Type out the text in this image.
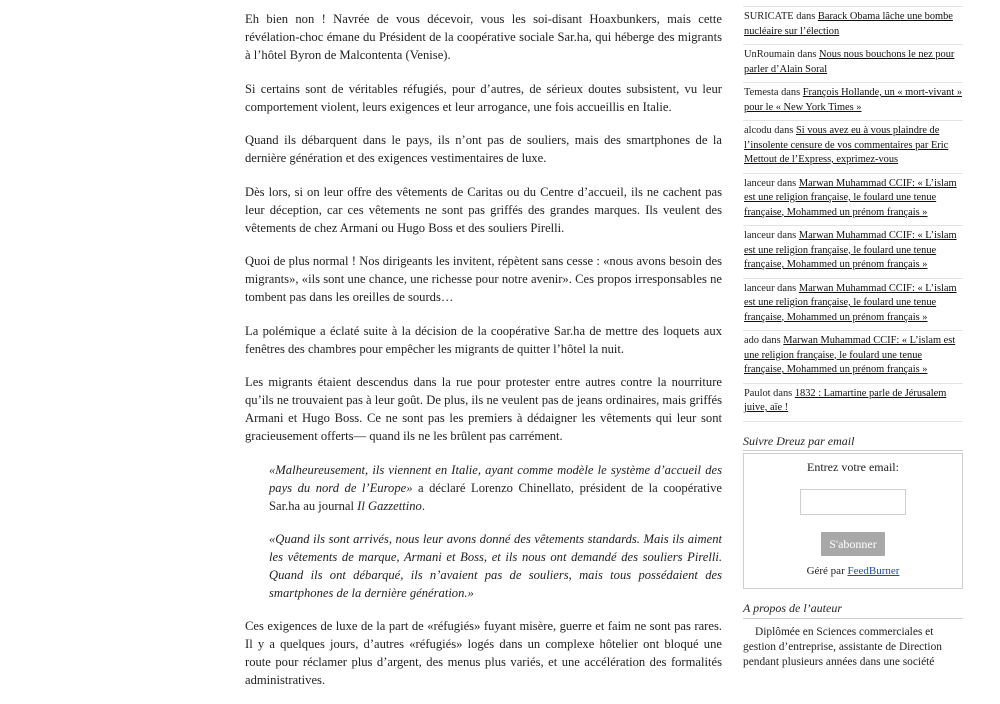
Eh bien non ! Navrée de vous décevoir, vous les soi-disant Hoaxbunkers, mais cette révélation-choc émane du Président de la coopérative sociale Sar.ha, qui héberge des migrants à l’hôtel Byron de Malcontenta (Venise).

Si certains sont de véritables réfugiés, pour d’autres, de sérieux doutes subsistent, vu leur comportement violent, leurs exigences et leur arrogance, une fois accueillis en Italie.

Quand ils débarquent dans le pays, ils n’ont pas de souliers, mais des smartphones de la dernière génération et des exigences vestimentaires de luxe.

Dès lors, si on leur offre des vêtements de Caritas ou du Centre d’accueil, ils ne cachent pas leur déception, car ces vêtements ne sont pas griffés des grandes marques. Ils veulent des vêtements de chez Armani ou Hugo Boss et des souliers Pirelli.

Quoi de plus normal ! Nos dirigeants les invitent, répètent sans cesse : «nous avons besoin des migrants», «ils sont une chance, une richesse pour notre avenir». Ces propos irresponsables ne tombent pas dans les oreilles de sourds…

La polémique a éclaté suite à la décision de la coopérative Sar.ha de mettre des loquets aux fenêtres des chambres pour empêcher les migrants de quitter l’hôtel la nuit.

Les migrants étaient descendus dans la rue pour protester entre autres contre la nourriture qu’ils ne trouvaient pas à leur goût. De plus, ils ne veulent pas de jeans ordinaires, mais griffés Armani et Hugo Boss. Ce ne sont pas les premiers à dédaigner les vêtements qui leur sont gracieusement offerts— quand ils ne les brûlent pas carrément.

«Malheureusement, ils viennent en Italie, ayant comme modèle le système d’accueil des pays du nord de l’Europe» a déclaré Lorenzo Chinellato, président de la coopérative Sar.ha au journal Il Gazzettino.
«Quand ils sont arrivés, nous leur avons donné des vêtements standards. Mais ils aiment les vêtements de marque, Armani et Boss, et ils nous ont demandé des souliers Pirelli. Quand ils ont débarqué, ils n’avaient pas de souliers, mais tous possédaient des smartphones de la dernière génération.»

Ces exigences de luxe de la part de «réfugiés» fuyant misère, guerre et faim ne sont pas rares. Il y a quelques jours, d’autres «réfugiés» logés dans un complexe hôtelier ont bloqué une route pour réclamer plus d’argent, des menus plus variés, et une accélération des formalités administratives.

SURICATE dans Barack Obama lâche une bombe nucléaire sur l’élection
UnRoumain dans Nous nous bouchons le nez pour parler d’Alain Soral
Temesta dans François Hollande, un « mort-vivant » pour le « New York Times »
alcodu dans Si vous avez eu à vous plaindre de l’insolente censure de vos commentaires par Eric Mettout de l’Express, exprimez-vous
lanceur dans Marwan Muhammad CCIF: « L’islam est une religion française, le foulard une tenue française, Mohammed un prénom français »
lanceur dans Marwan Muhammad CCIF: « L’islam est une religion française, le foulard une tenue française, Mohammed un prénom français »
lanceur dans Marwan Muhammad CCIF: « L’islam est une religion française, le foulard une tenue française, Mohammed un prénom français »
ado dans Marwan Muhammad CCIF: « L’islam est une religion française, le foulard une tenue française, Mohammed un prénom français »
Paulot dans 1832 : Lamartine parle de Jérusalem juive, aïe !
Suivre Dreuz par email
Entrez votre email:
S'abonner
Géré par FeedBurner
A propos de l’auteur
Diplômée en Sciences commerciales et gestion d’entreprise, assistante de Direction pendant plusieurs années dans une société
